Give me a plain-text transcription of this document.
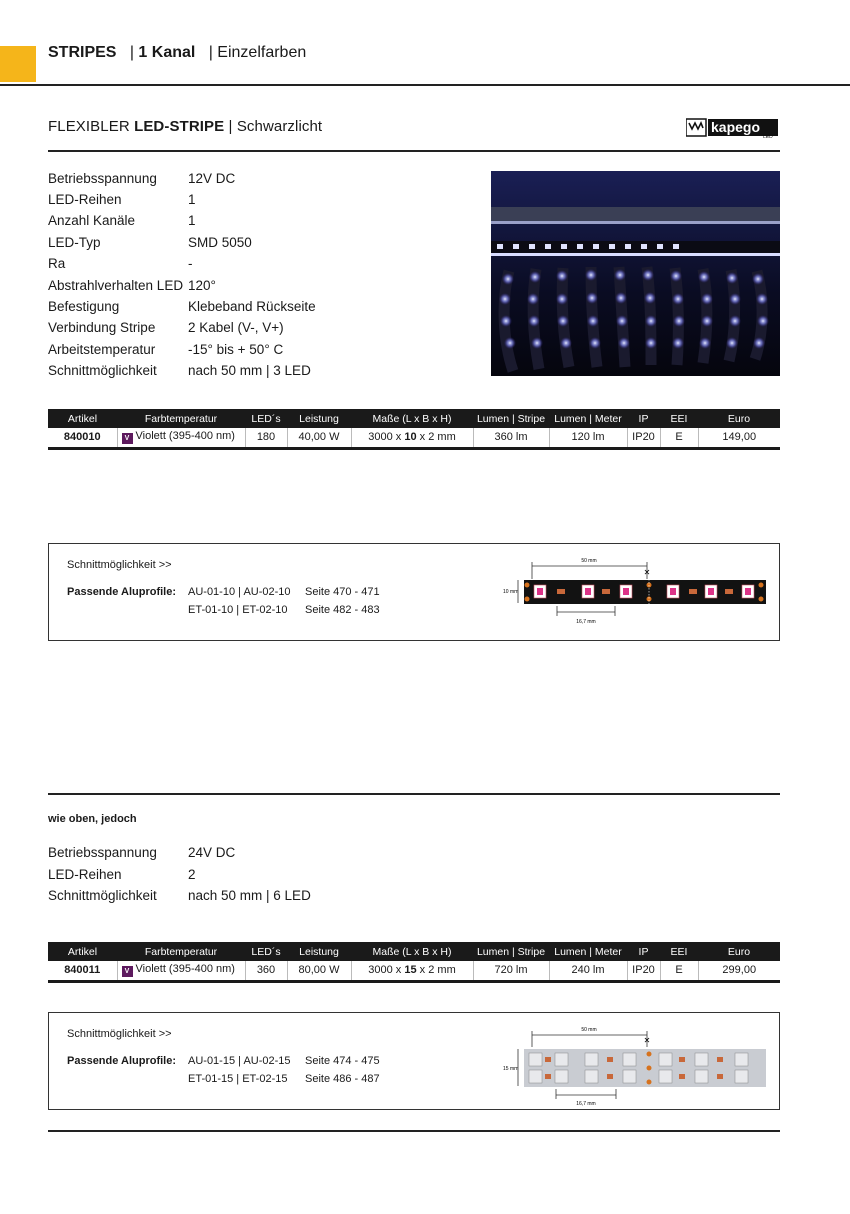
STRIPES   | 1 Kanal   | Einzelfarben
FLEXIBLER LED-STRIPE | Schwarzlicht	kapego
LED
Betriebsspannung	12V DC
LED-Reihen	1
Anzahl Kanäle	1
LED-Typ	SMD 5050
Ra	-
Abstrahlverhalten LED 120°
Befestigung	Klebeband Rückseite
Verbindung Stripe	2 Kabel (V-, V+)
Arbeitstemperatur	-15° bis + 50° C
Schnittmöglichkeit	nach 50 mm | 3 LED
Artikel	Farbtemperatur	LED´s	Leistung	Maße (L x B x H)	Lumen | Stripe	Lumen | Meter	IP	EEI	Euro
840010	V Violett (395-400 nm)	180	40,00 W	3000 x 10 x 2 mm	360 lm	120 lm	IP20	E	149,00
Schnittmöglichkeit >>
Passende Aluprofile: AU-01-10 | AU-02-10 Seite 470 - 471
ET-01-10 | ET-02-10 Seite 482 - 483
50 mm
✕
10 mm
16,7 mm
wie oben, jedoch
Betriebsspannung	24V DC
LED-Reihen	2
Schnittmöglichkeit	nach 50 mm | 6 LED
Artikel	Farbtemperatur	LED´s	Leistung	Maße (L x B x H)	Lumen | Stripe	Lumen | Meter	IP	EEI	Euro
840011	V Violett (395-400 nm)	360	80,00 W	3000 x 15 x 2 mm	720 lm	240 lm	IP20	E	299,00
Schnittmöglichkeit >>
Passende Aluprofile: AU-01-15 | AU-02-15 Seite 474 - 475
ET-01-15 | ET-02-15 Seite 486 - 487
50 mm
✕
15 mm
16,7 mm
